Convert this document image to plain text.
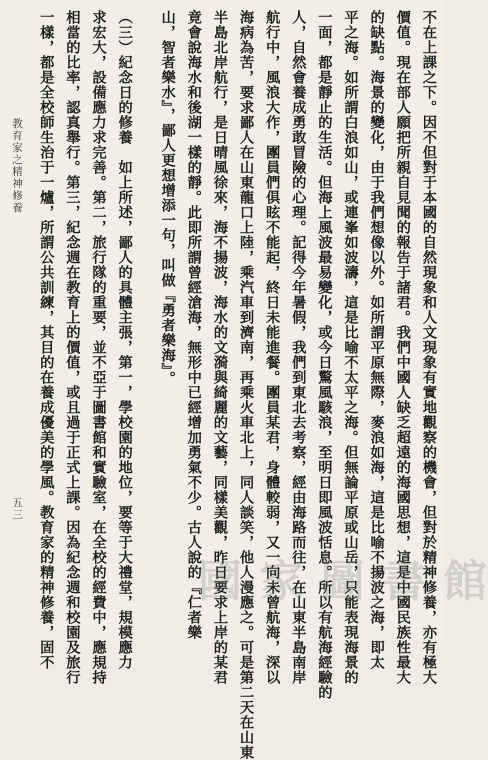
不在上課之下。因不但對于本國的自然現象和人文現象有實地觀察的機會，但對於精神修養，亦有極大
價值。現在部人願把所親自見聞的報告于諸君。我們中國人缺乏超遠的海國思想，這是中國民族性最大
的缺點。海景的變化，由于我們想像以外。如所謂平原無際，麥浪如海，這是比喻不揚波之海，即太
平之海。如所謂白浪如山，或連峯如波濤，這是比喻不太平之海。但無論平原或山岳，只能表現海景的
一面，都是靜止的生活。但海上風波最易變化，或今日驚風駭浪，至明日即風波恬息。所以有航海經驗的
人，自然會養成勇敢冒險的心理。記得今年暑假，我們到東北去考察，經由海路而往，在山東半島南岸
航行中，風浪大作，團員們俱眩不能起，終日未能進餐。團員某君，身體較弱，又一向未曾航海，深以
海病為苦，要求鄙人在山東龍口上陸，乘汽車到濟南，再乘火車北上，同人談笑，他人漫應之。可是第二天在山東
半島北岸航行，是日晴風徐來，海不揚波，海水的文漪與綺麗的文藝，同樣美觀，昨日要求上岸的某君
竟會說海水和後湖一樣的靜。此即所謂曾經滄海，無形中已經增加勇氣不少。古人說的『仁者樂
山，智者樂水』，鄙人更想增添一句，叫做『勇者樂海』。
（三）紀念日的修養　如上所述，鄙人的具體主張，第一，學校園的地位，要等于大禮堂，規模應力
求宏大，設備應力求完善。第二，旅行隊的重要，並不亞于圖書館和實驗室，在全校的經費中，應規持
相當的比率，認真舉行。第三，紀念週在教育上的價值，或且過于正式上課。因為紀念週和校園及旅行
一樣，都是全校師生治于一爐，所謂公共訓練，其目的在養成優美的學風。教育家的精神修養，固不
教育家之精神修養
五三
國 家 圖 書 館
